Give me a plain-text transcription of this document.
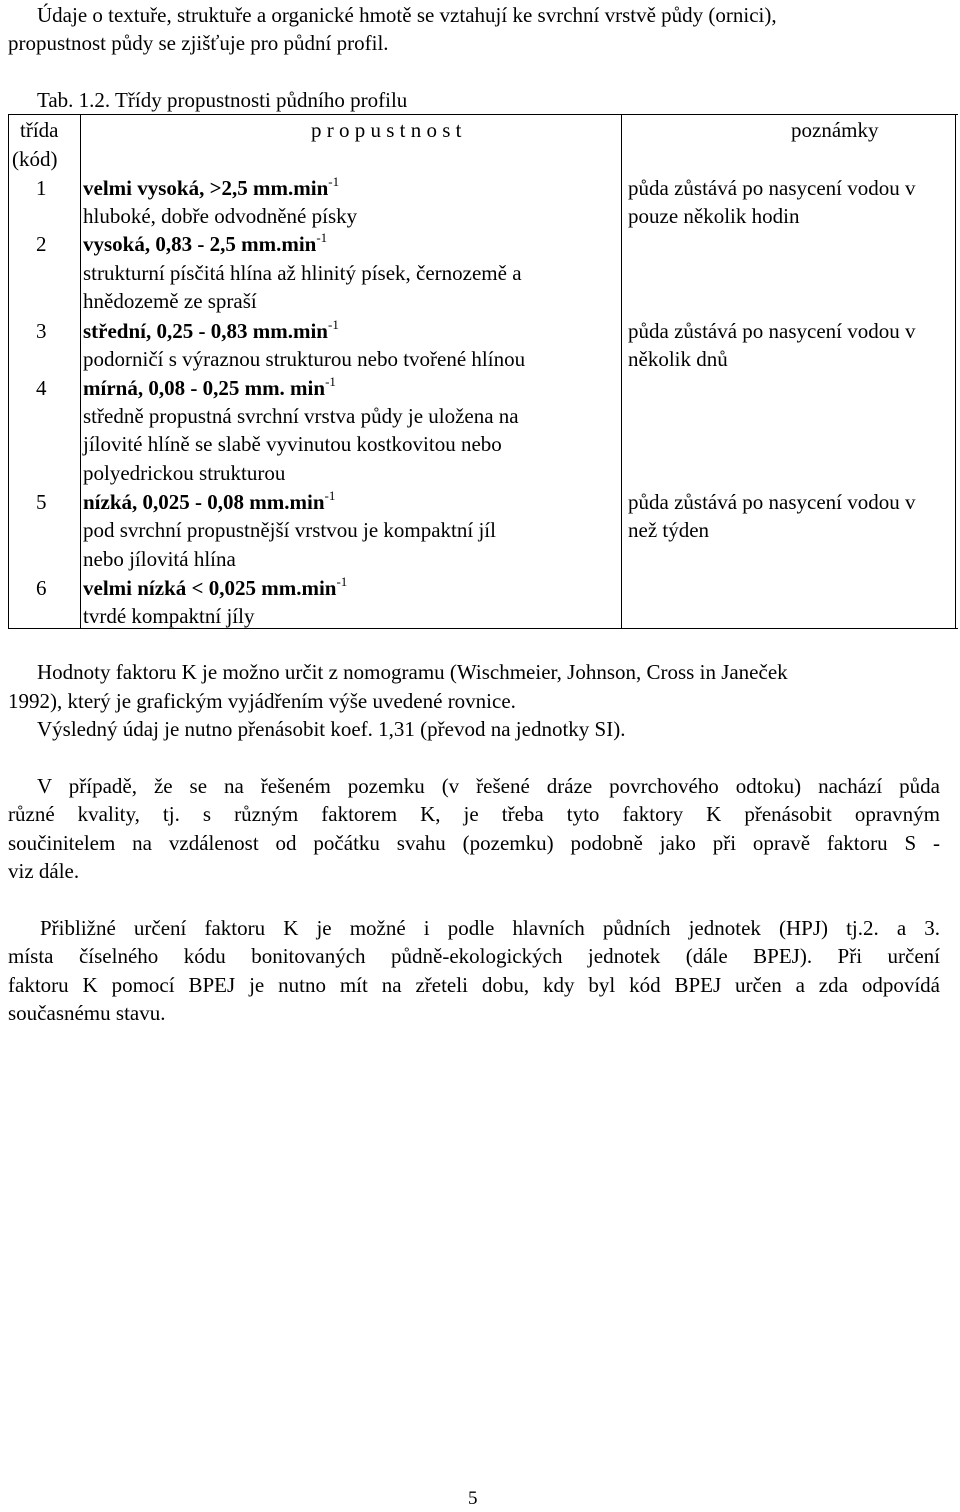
Údaje o textuře, struktuře a organické hmotě se vztahují ke svrchní vrstvě půdy (ornici),
propustnost půdy se zjišťuje pro půdní profil.
Tab. 1.2. Třídy propustnosti půdního profilu
třída
(kód)
p r o p u s t n o s t	poznámky
1
2
3
4
5
6
velmi vysoká, >2,5 $mm.\min^{-1}$
hluboké, dobře odvodněné písky
vysoká, 0,83 - 2,5 $mm.\min^{-1}$
strukturní písčitá hlína až hlinitý písek, černozemě a
hnědozemě ze spraší
střední, 0,25 - 0,83 $mm.\min^{-1}$
podorničí s výraznou strukturou nebo tvořené hlínou
mírná, 0,08 - 0,25 mm. $\min^{-1}$
středně propustná svrchní vrstva půdy je uložena na
jílovité hlíně se slabě vyvinutou kostkovitou nebo
polyedrickou strukturou
nízká, 0,025 - 0,08 $mm.\min^{-1}$
pod svrchní propustnější vrstvou je kompaktní jíl
nebo jílovitá hlína
velmi nízká < 0,025 $mm.\min^{-1}$
tvrdé kompaktní jíly
půda zůstává po nasycení vodou v
pouze několik hodin
půda zůstává po nasycení vodou v
několik dnů
půda zůstává po nasycení vodou v
než týden
Hodnoty faktoru K je možno určit z nomogramu (Wischmeier, Johnson, Cross in Janeček
1992), který je grafickým vyjádřením výše uvedené rovnice.
Výsledný údaj je nutno přenásobit koef. 1,31 (převod na jednotky SI).
V případě, že se na řešeném pozemku (v řešené dráze povrchového odtoku) nachází půda
různé kvality, tj. s různým faktorem K, je třeba tyto faktory K přenásobit opravným
součinitelem na vzdálenost od počátku svahu (pozemku) podobně jako při opravě faktoru S -
viz dále.
Přibližné určení faktoru K je možné i podle hlavních půdních jednotek (HPJ) tj.2. a 3.
místa číselného kódu bonitovaných půdně-ekologických jednotek (dále BPEJ). Při určení
faktoru K pomocí BPEJ je nutno mít na zřeteli dobu, kdy byl kód BPEJ určen a zda odpovídá
současnému stavu.
5
